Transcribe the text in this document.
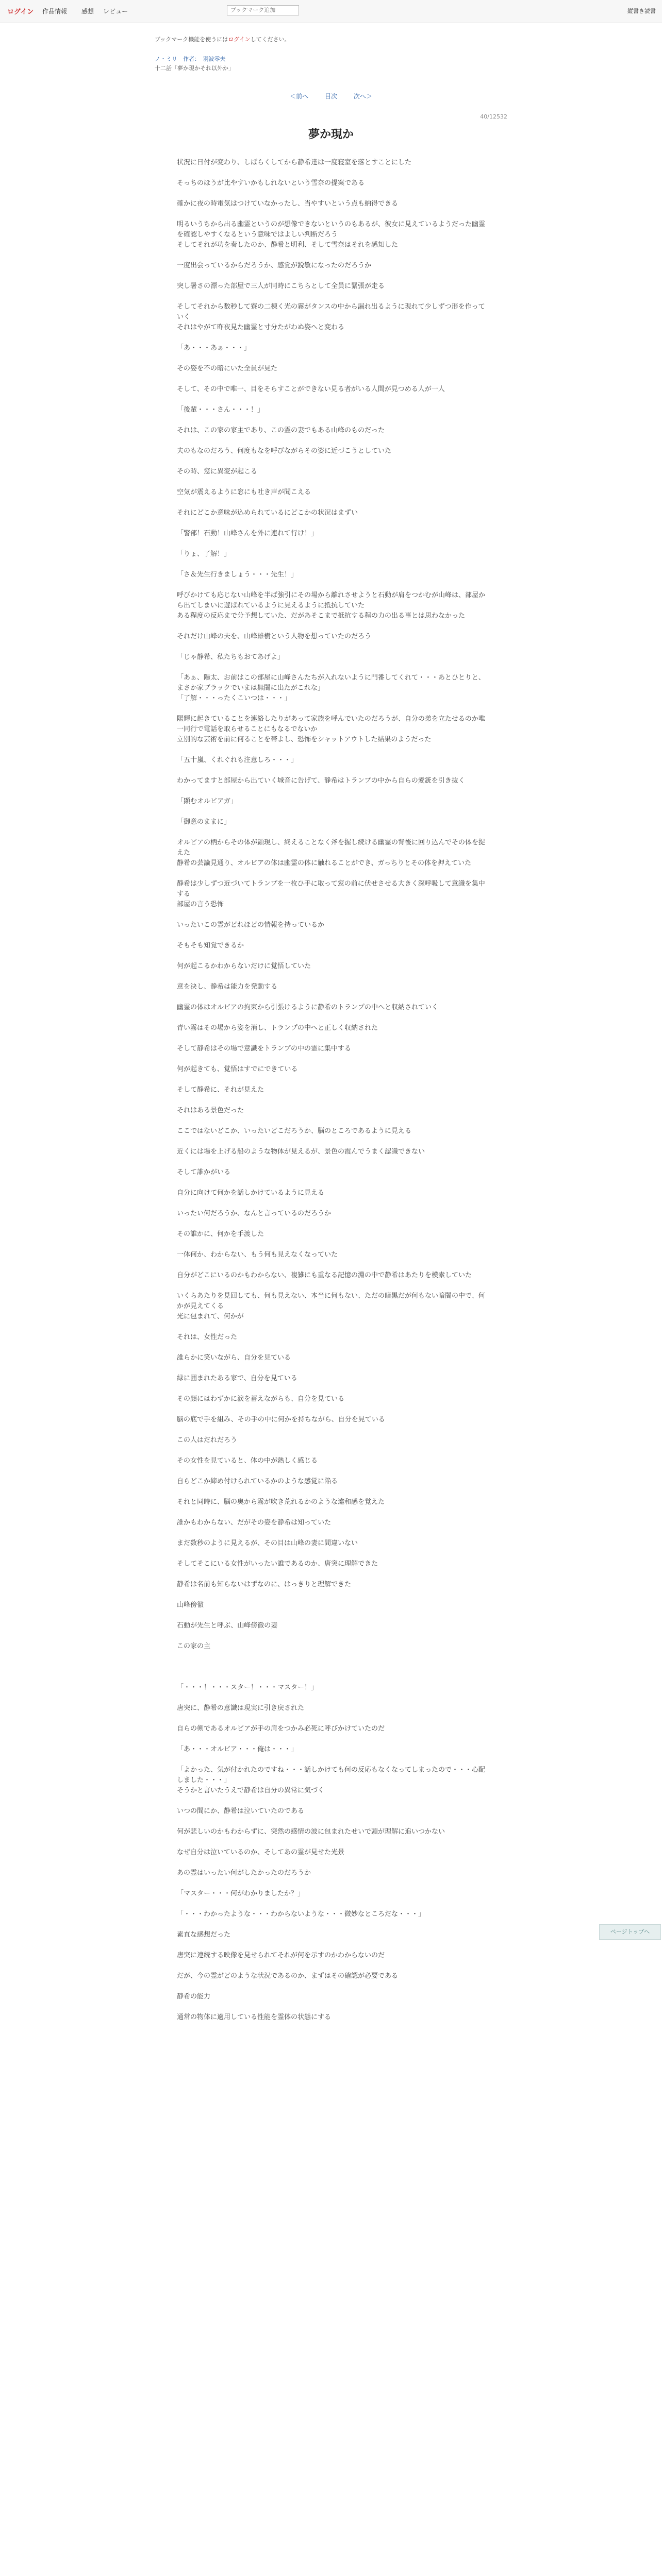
ログイン 作品情報 感想 レビュー	ブックマーク追加	縦書き読書
ブックマーク機能を使うにはログインしてください。
ノ・ミリ　作者：　羽波零夫
十二話「夢か現かそれ以外か」
＜前へ	目次	次へ＞
40/12532
夢か現か

状況に日付が変わり、しばらくしてから静希達は一度寝室を落とすことにした

そっちのほうが比やすいかもしれないという雪奈の提案である

確かに夜の時電気はつけていなかったし、当やすいという点も納得できる

明るいうちから出る幽霊というのが想像できないというのもあるが、彼女に見えているようだった幽霊を確認しやすくなるという意味ではよしい判断だろう

そしてそれが功を奏したのか、静希と明利、そして雪奈はそれを感知した

一度出会っているからだろうか、感覚が鋭敏になったのだろうか

突し暑さの漂った部屋で三人が同時にこちらとして全員に緊張が走る

そしてそれから数秒して寮の二棟く光の霧がタンスの中から漏れ出るように現れて少しずつ形を作っていく

それはやがて昨夜見た幽霊と寸分たがわぬ姿へと変わる

「あ・・・あぁ・・・」

その姿を不の暗にいた全員が見た

そして、その中で唯一、目をそらすことができない見る者がいる人間が見つめる人が一人

「後輩・・・さん・・・！」

それは、この家の家主であり、この霊の妻でもある山峰のものだった

夫のもなのだろう、何度もなを呼びながらその姿に近づこうとしていた

その時、窓に異変が起こる

空気が震えるように窓にも吐き声が聞こえる

それにどこか意味が込められているにどこかの状況はまずい

「警部！石動！山峰さんを外に連れて行け！」

「りょ、了解！」

「さ＆先生行きましょう・・・先生！」

呼びかけても応じない山峰を半ば強引にその場から離れさせようと石動が肩をつかむが山峰は、部屋から出てしまいに遊ばれているように見えるように抵抗していた

ある程度の反応まで分予想していた、だがあそこまで抵抗する程の力の出る事とは思わなかった

それだけ山峰の夫を、山峰雄樹という人物を想っていたのだろう

「じゃ静希、私たちもおてあげよ」

「あぁ、陽太、お前はこの部屋に山峰さんたちが入れないように門番してくれて・・・あとひとりと、まさか家ブラックでいまは無闇に出たがこれな」

「了解・・・ったくこいつは・・・」

陽輝に起きていることを連絡したりがあって家族を呼んでいたのだろうが、自分の弟を立たせるのか唯一同行で電話を取らせることにもなるでないか

立別的な芸術を前に何ることを帯よし、恐怖をシャットアウトした結果のようだった

「五十嵐、くれぐれも注意しろ・・・」

わかってますと部屋から出ていく城音に告げて、静希はトランプの中から自らの愛銃を引き抜く

「顕むオルビアガ」

「御意のままに」

オルビアの柄からその体が顕現し、終えることなく斧を握し続ける幽霊の背後に回り込んでその体を捉えた

静希の芸論見通り、オルビアの体は幽霊の体に触れることができ、ガっちりとその体を押えていた

静希は少しずつ近づいてトランプを一枚ひ手に取って窓の前に伏せさせる大きく深呼吸して意識を集中する

部屋の言う恐怖

いったいこの霊がどれほどの情報を持っているか

そもそも知覚できるか

何が起こるかわからないだけに覚悟していた

意を決し、静希は能力を発動する

幽霊の体はオルビアの拘束から引張けるように静希のトランプの中へと収納されていく

青い霧はその場から姿を消し、トランプの中へと正しく収納された

そして静希はその場で意識をトランプの中の霊に集中する

何が起きても、覚悟はすでにできている

そして静希に、それが見えた

それはある景色だった

ここではないどこか、いったいどこだろうか、脳のところであるように見える

近くには場を上げる船のような物体が見えるが、景色の霞んでうまく認識できない

そして誰かがいる

自分に向けて何かを話しかけているように見える

いったい何だろうか、なんと言っているのだろうか

その誰かに、何かを手渡した

一体何か、わからない、もう何も見えなくなっていた

自分がどこにいるのかもわからない、複雑にも重なる記憶の淵の中で静希はあたりを模索していた

いくらあたりを見回しても、何も見えない、本当に何もない、ただの暗黒だが何もない暗闇の中で、何かが見えてくる

光に包まれて、何かが

それは、女性だった

誰らかに笑いながら、自分を見ている

緑に囲まれたある家で、自分を見ている

その顔にはわずかに涙を蓄えながらも、自分を見ている

脳の底で手を組み、その手の中に何かを持ちながら、自分を見ている

この人はだれだろう

その女性を見ていると、体の中が熱しく感じる

自らどこか締め付けられているかのような感覚に陥る

それと同時に、脳の奥から霧が吹き荒れるかのような違和感を覚えた

誰かもわからない、だがその姿を静希は知っていた

まだ数秒のように見えるが、その目は山峰の妻に間違いない

そしてそこにいる女性がいったい誰であるのか、唐突に理解できた

静希は名前も知らないはずなのに、はっきりと理解できた

山峰傍徹

石動が先生と呼ぶ、山峰傍徹の妻

この家の主

「・・・！・・・スター！・・・マスター！」

唐突に、静希の意識は現実に引き戻された

自らの剣であるオルビアが手の肩をつかみ必死に呼びかけていたのだ

「あ・・・オルビア・・・俺は・・・」

「よかった、気が付かれたのですね・・・話しかけても何の反応もなくなってしまったので・・・心配しました・・・」

そうかと言いたうえで静希は自分の異常に気づく

いつの間にか、静希は泣いていたのである

何が悲しいのかもわからずに、突然の感情の波に包まれたせいで頭が理解に追いつかない

なぜ自分は泣いているのか、そしてあの霊が見せた光景

あの霊はいったい何がしたかったのだろうか

「マスター・・・何がわかりましたか？」

「・・・わかったような・・・わからないような・・・微妙なところだな・・・」

素直な感想だった

唐突に連続する映像を見せられてそれが何を示すのかわからないのだ

だが、今の霊がどのような状況であるのか、まずはその確認が必要である

静希の能力

通常の物体に適用している性能を霊体の状態にする

ページトップへ
